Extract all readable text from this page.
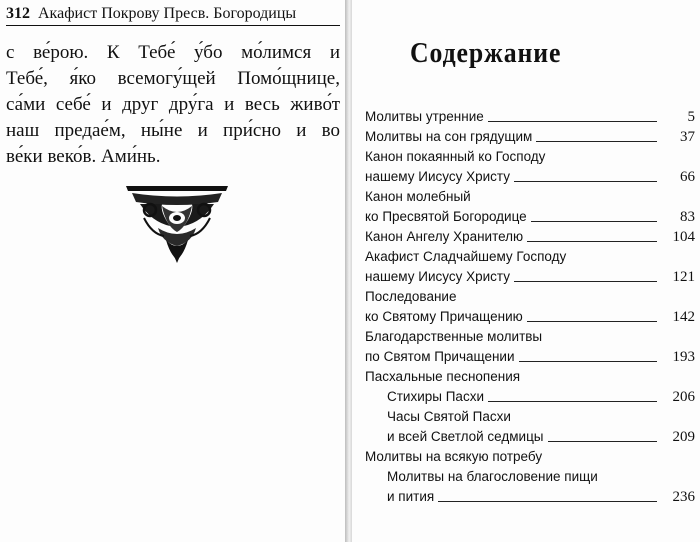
312 Акафист Покрову Пресв. Богородицы
с ве́рою. К Тебе́ у́бо мо́лимся и
Тебе́, я́ко всемогу́щей Помо́щнице,
са́ми себе́ и друг дру́га и весь живо́т
наш предае́м, ны́не и при́сно и во
ве́ки веко́в. Ами́нь.
Содержание
Молитвы утренние	5
Молитвы на сон грядущим	37
Канон покаянный ко Господу
нашему Иисусу Христу	66
Канон молебный
ко Пресвятой Богородице	83
Канон Ангелу Хранителю	104
Акафист Сладчайшему Господу
нашему Иисусу Христу	121
Последование
ко Святому Причащению	142
Благодарственные молитвы
по Святом Причащении	193
Пасхальные песнопения
Стихиры Пасхи	206
Часы Святой Пасхи
и всей Светлой седмицы	209
Молитвы на всякую потребу
Молитвы на благословение пищи
и пития	236
